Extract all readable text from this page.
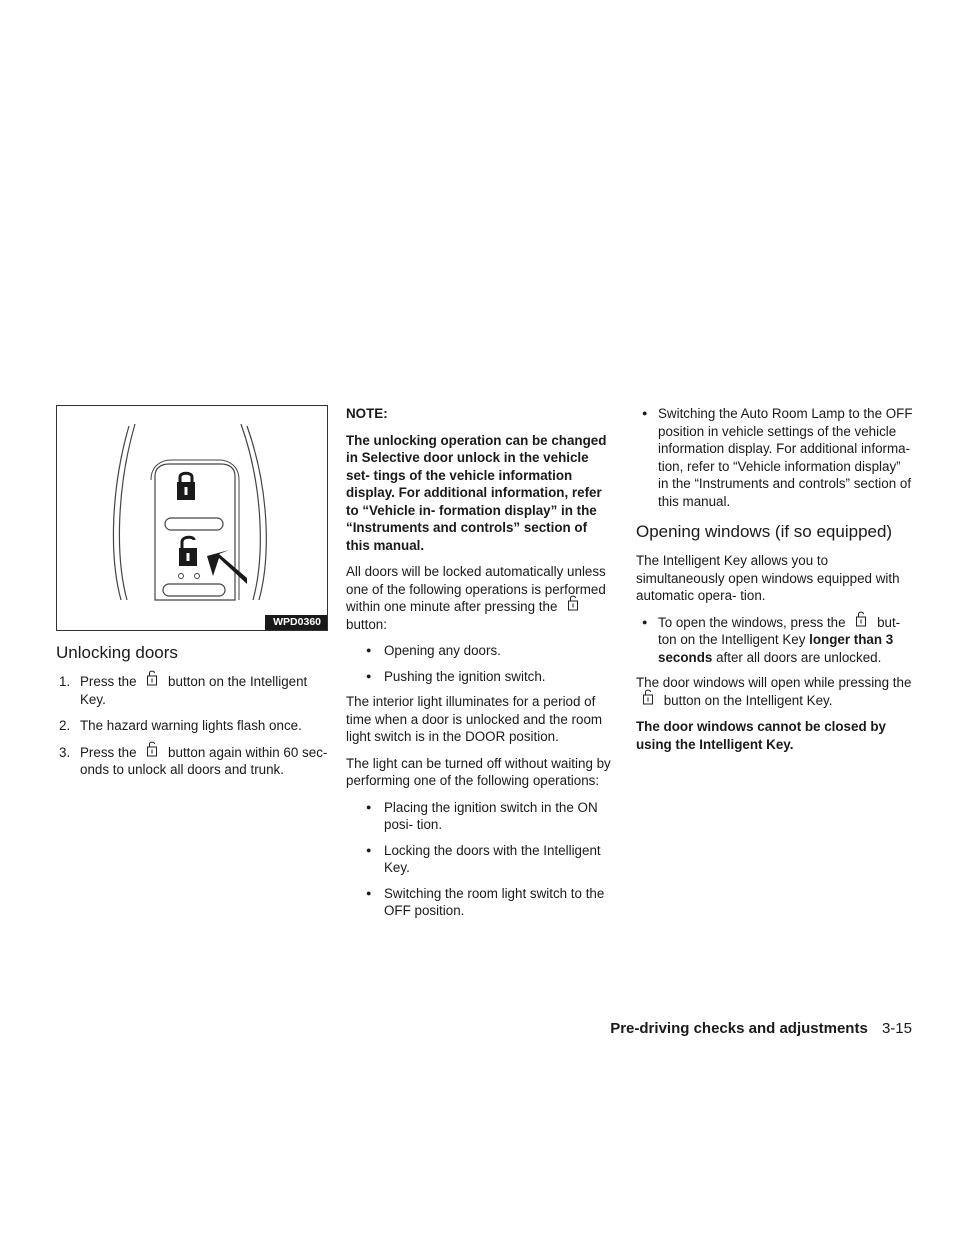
WPD0360
Unlocking doors
1. Press the button on the Intelligent Key.
2. The hazard warning lights flash once.
3. Press the button again within 60 sec- onds to unlock all doors and trunk.

NOTE:

The unlocking operation can be changed in Selective door unlock in the vehicle set- tings of the vehicle information display. For additional information, refer to “Vehicle in- formation display” in the “Instruments and controls” section of this manual.

All doors will be locked automatically unless one of the following operations is performed within one minute after pressing the
button:

● Opening any doors.
● Pushing the ignition switch.

The interior light illuminates for a period of time when a door is unlocked and the room light switch is in the DOOR position.

The light can be turned off without waiting by performing one of the following operations:

● Placing the ignition switch in the ON posi- tion.
● Locking the doors with the Intelligent Key.
● Switching the room light switch to the OFF position.
● Switching the Auto Room Lamp to the OFF position in vehicle settings of the vehicle information display. For additional informa- tion, refer to “Vehicle information display” in the “Instruments and controls” section of this manual.
Opening windows (if so equipped)

The Intelligent Key allows you to simultaneously open windows equipped with automatic opera- tion.

● To open the windows, press the but- ton on the Intelligent Key longer than 3 seconds after all doors are unlocked.

The door windows will open while pressing the
button on the Intelligent Key.

The door windows cannot be closed by using the Intelligent Key.

Pre-driving checks and adjustments 3-15
